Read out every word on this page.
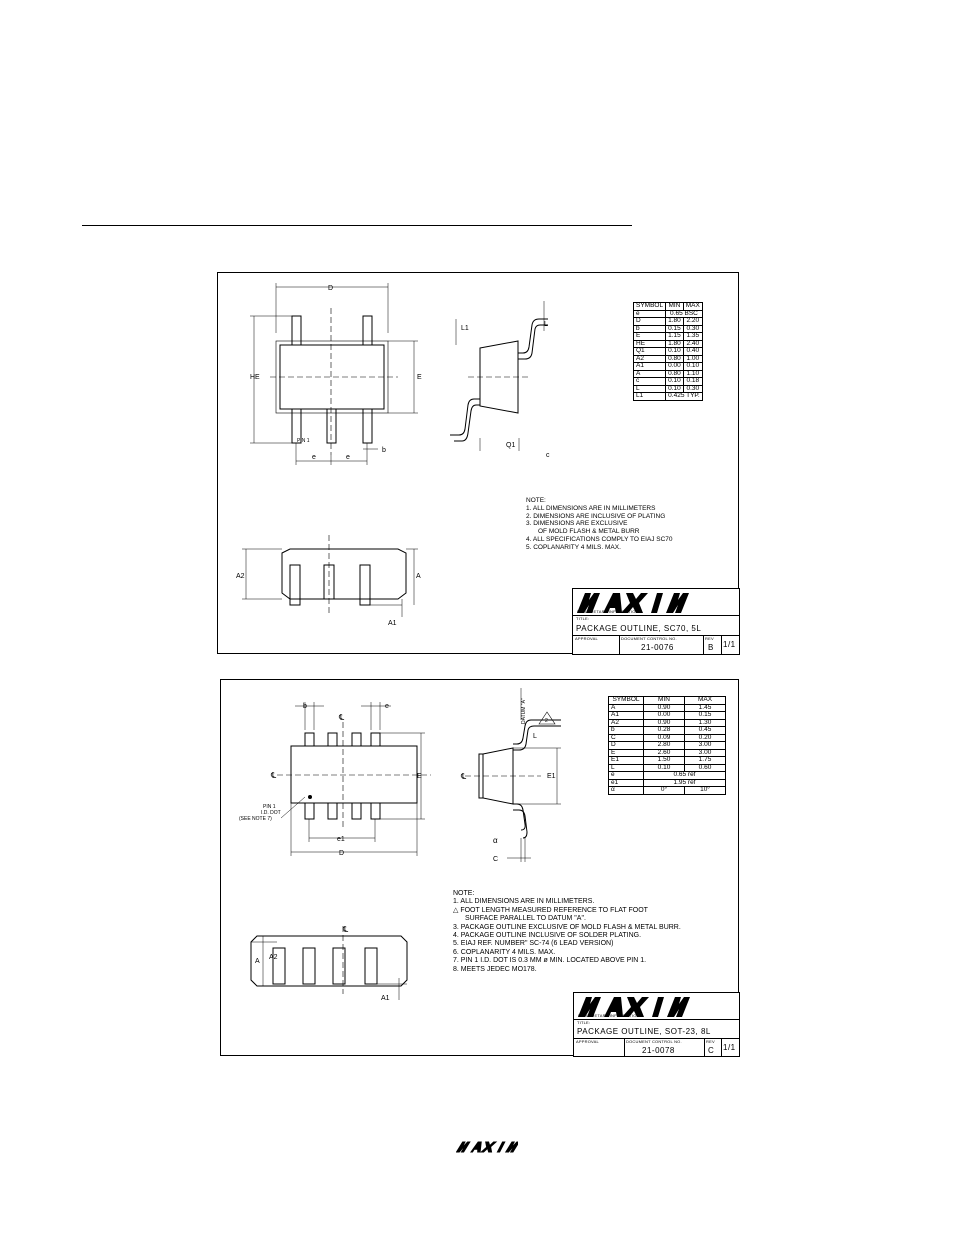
D
HE	E
PIN 1
e	e
b
L1
L
Q1
c
A2	A
A1
SYMBOL	MIN	MAX
e	0.65 BSC	
D	1.80	2.20
b	0.15	0.30
E	1.15	1.35
HE	1.80	2.40
Q1	0.10	0.40
A2	0.80	1.00
A1	0.00	0.10
A	0.80	1.10
c	0.10	0.18
L	0.10	0.30
L1	0.425 TYP.	
NOTE:
1. ALL DIMENSIONS ARE IN MILLIMETERS
2. DIMENSIONS ARE INCLUSIVE OF PLATING
3. DIMENSIONS ARE EXCLUSIVE
OF MOLD FLASH & METAL BURR
4. ALL SPECIFICATIONS COMPLY TO EIAJ SC70
5. COPLANARITY 4 MILS. MAX.
PROPRIETARY INFORMATION
TITLE:
PACKAGE OUTLINE, SC70, 5L
APPROVAL	DOCUMENT CONTROL NO.
21-0076
REV
B 1/1
b
℄
e
℄	E
PIN 1
I.D. DOT
(SEE NOTE 7)
e1
D
DATUM "A"	2
L
℄	E1
α
C
℄
A2
A
A1
SYMBOL	MIN	MAX
A	0.90	1.45
A1	0.00	0.15
A2	0.90	1.30
b	0.28	0.45
C	0.09	0.20
D	2.80	3.00
E	2.60	3.00
E1	1.50	1.75
L	0.10	0.60
e	0.65 ref	
e1	1.95 ref	
α	0°	10°
NOTE:
1. ALL DIMENSIONS ARE IN MILLIMETERS.
△ FOOT LENGTH MEASURED REFERENCE TO FLAT FOOT
SURFACE PARALLEL TO DATUM "A".
3. PACKAGE OUTLINE EXCLUSIVE OF MOLD FLASH & METAL BURR.
4. PACKAGE OUTLINE INCLUSIVE OF SOLDER PLATING.
5. EIAJ REF. NUMBER" SC-74 (6 LEAD VERSION)
6. COPLANARITY 4 MILS. MAX.
7. PIN 1 I.D. DOT IS 0.3 MM ø MIN. LOCATED ABOVE PIN 1.
8. MEETS JEDEC MO178.
PROPRIETARY INFORMATION
TITLE:
PACKAGE OUTLINE, SOT-23, 8L
APPROVAL	DOCUMENT CONTROL NO.
21-0078
REV
C 1/1
